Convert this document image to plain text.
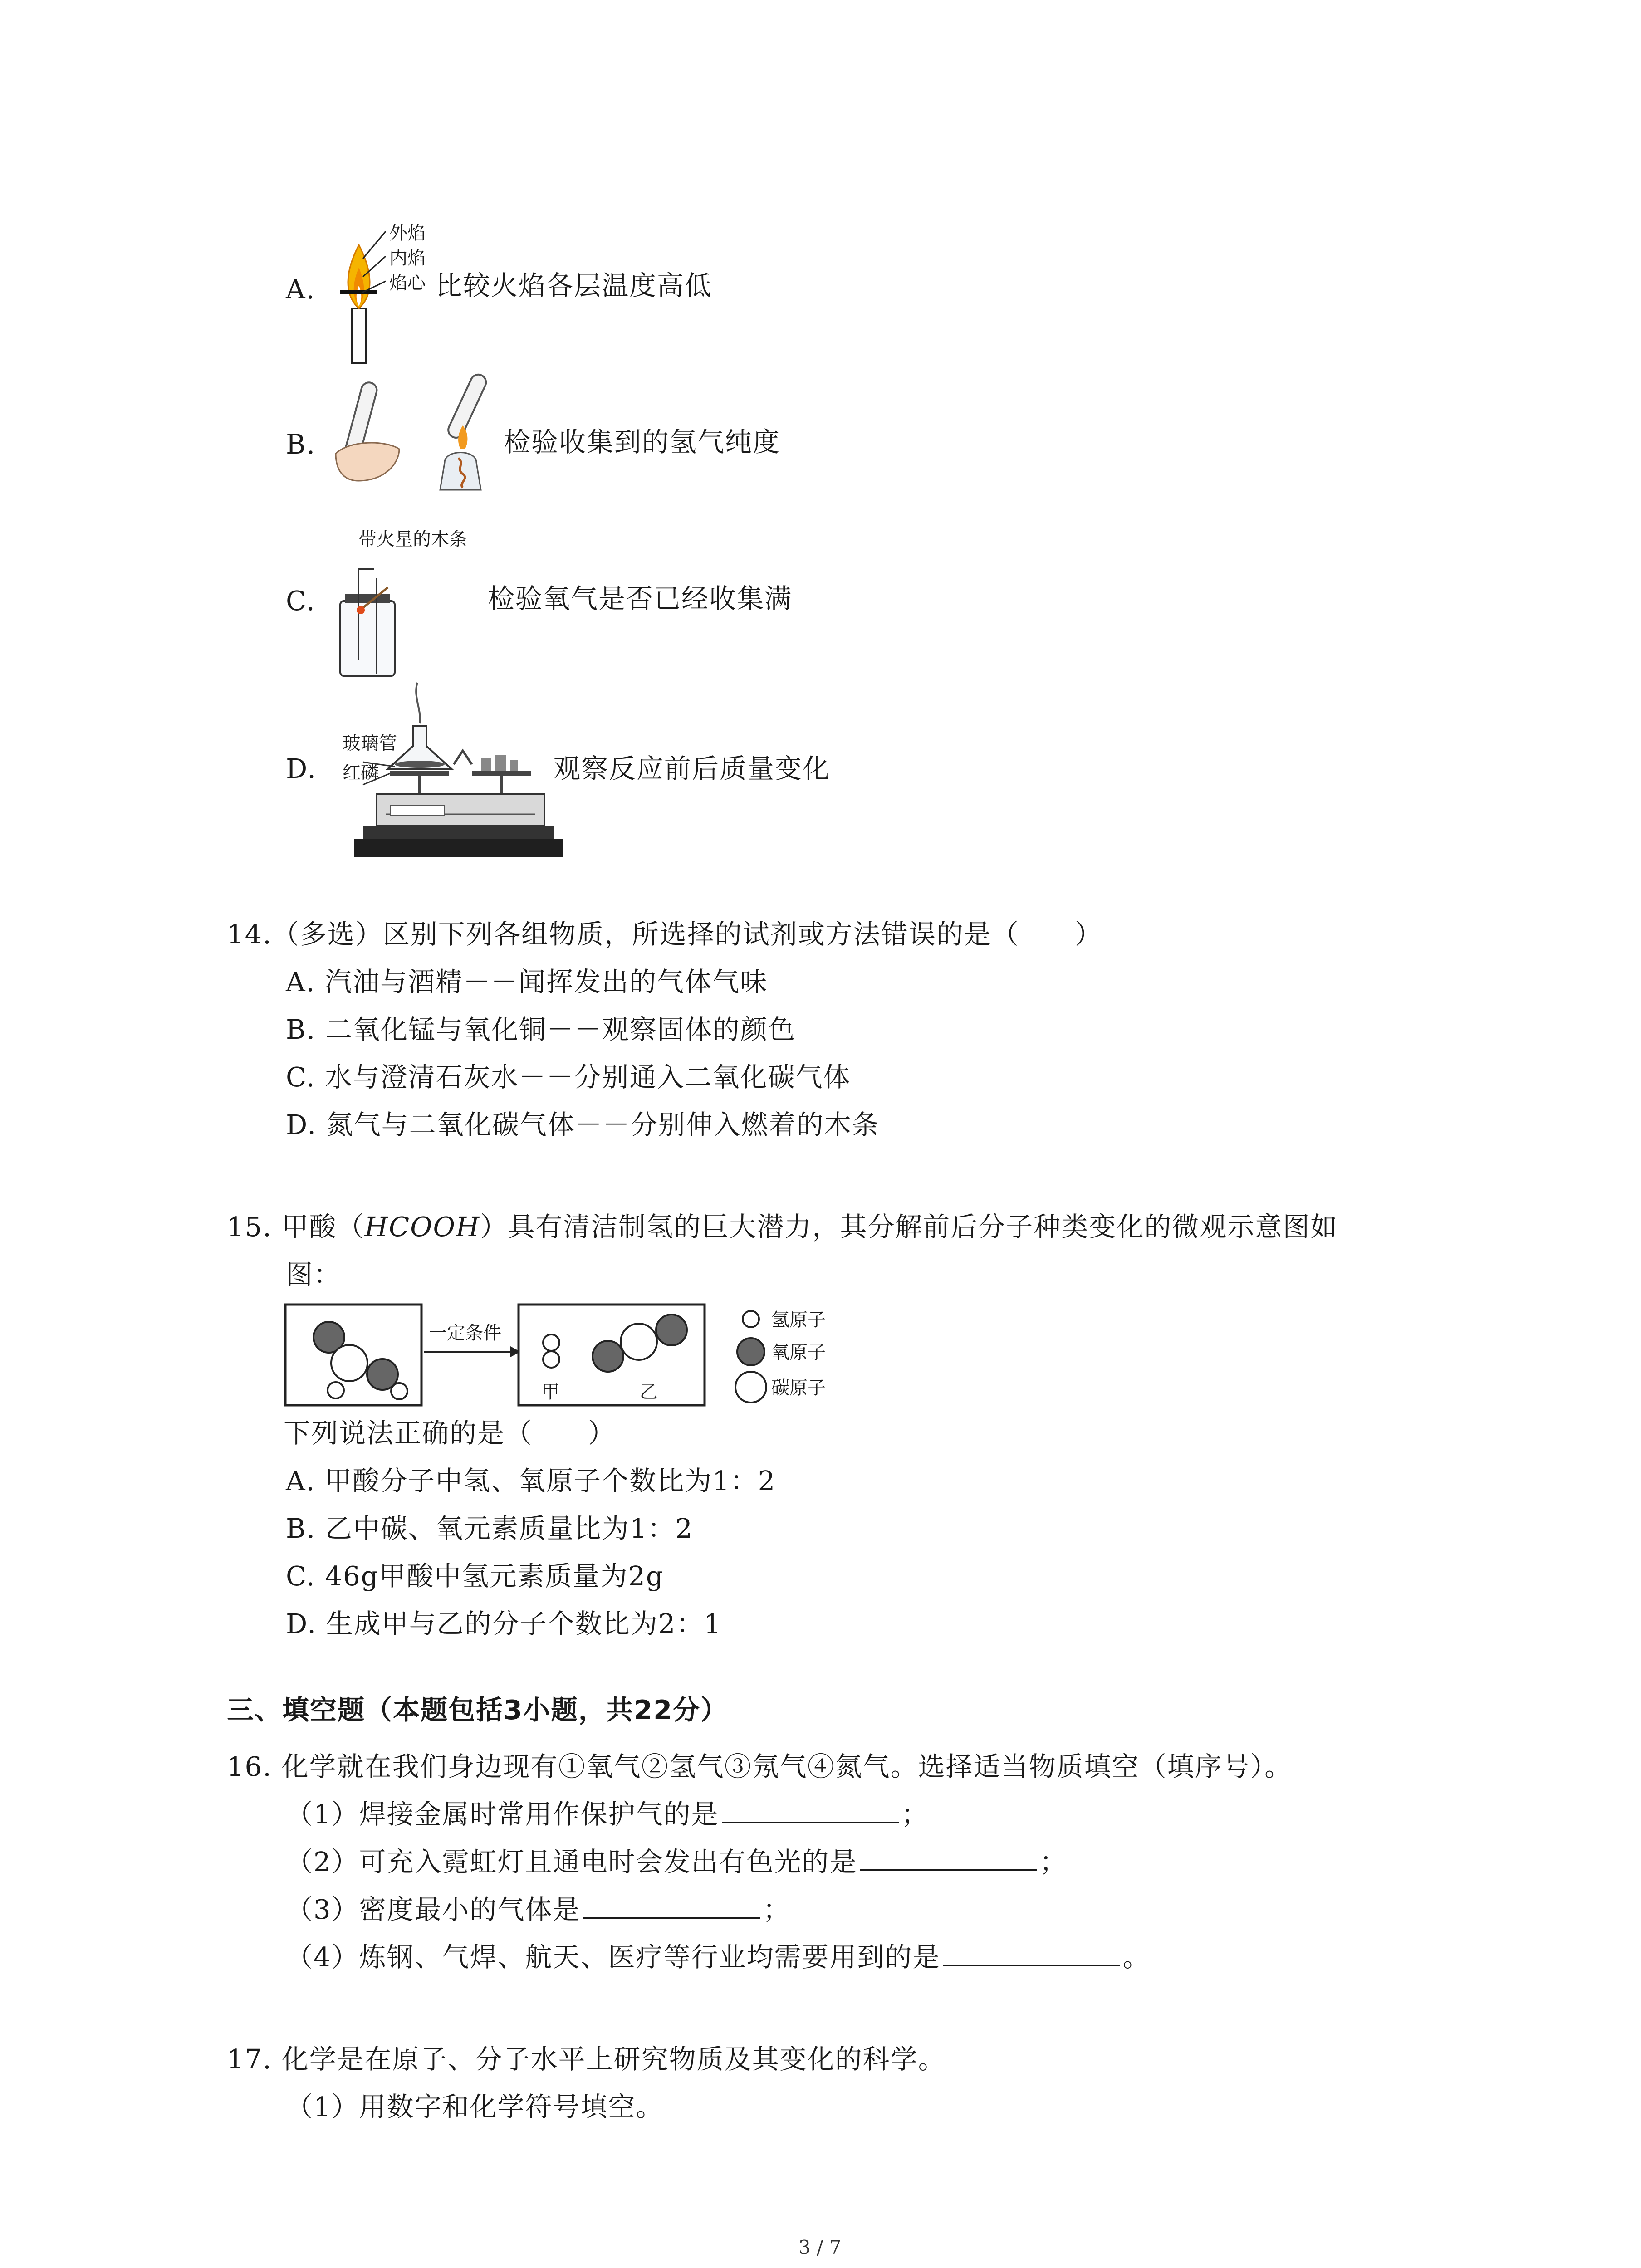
A.
外焰
内焰
焰心 比较火焰各层温度高低
B.
带火星的木条
检验收集到的氢气纯度
C.	检验氧气是否已经收集满
D.
玻璃管
红磷	观察反应前后质量变化
14.（多选）区别下列各组物质，所选择的试剂或方法错误的是（　　）
A. 汽油与酒精－－闻挥发出的气体气味
B. 二氧化锰与氧化铜－－观察固体的颜色
C. 水与澄清石灰水－－分别通入二氧化碳气体
D. 氮气与二氧化碳气体－－分别伸入燃着的木条
15. 甲酸（HCOOH）具有清洁制氢的巨大潜力，其分解前后分子种类变化的微观示意图如
图：
一定条件
甲	乙
氢原子
氧原子
碳原子
下列说法正确的是（　　）
A. 甲酸分子中氢、氧原子个数比为1：2
B. 乙中碳、氧元素质量比为1：2
C. 46g甲酸中氢元素质量为2g
D. 生成甲与乙的分子个数比为2：1
三、填空题（本题包括3小题，共22分）
16. 化学就在我们身边现有①氧气②氢气③氖气④氮气。选择适当物质填空（填序号）。
（1）焊接金属时常用作保护气的是	；
（2）可充入霓虹灯且通电时会发出有色光的是	；
（3）密度最小的气体是	；
（4）炼钢、气焊、航天、医疗等行业均需要用到的是	。
17. 化学是在原子、分子水平上研究物质及其变化的科学。
（1）用数字和化学符号填空。
3 / 7
